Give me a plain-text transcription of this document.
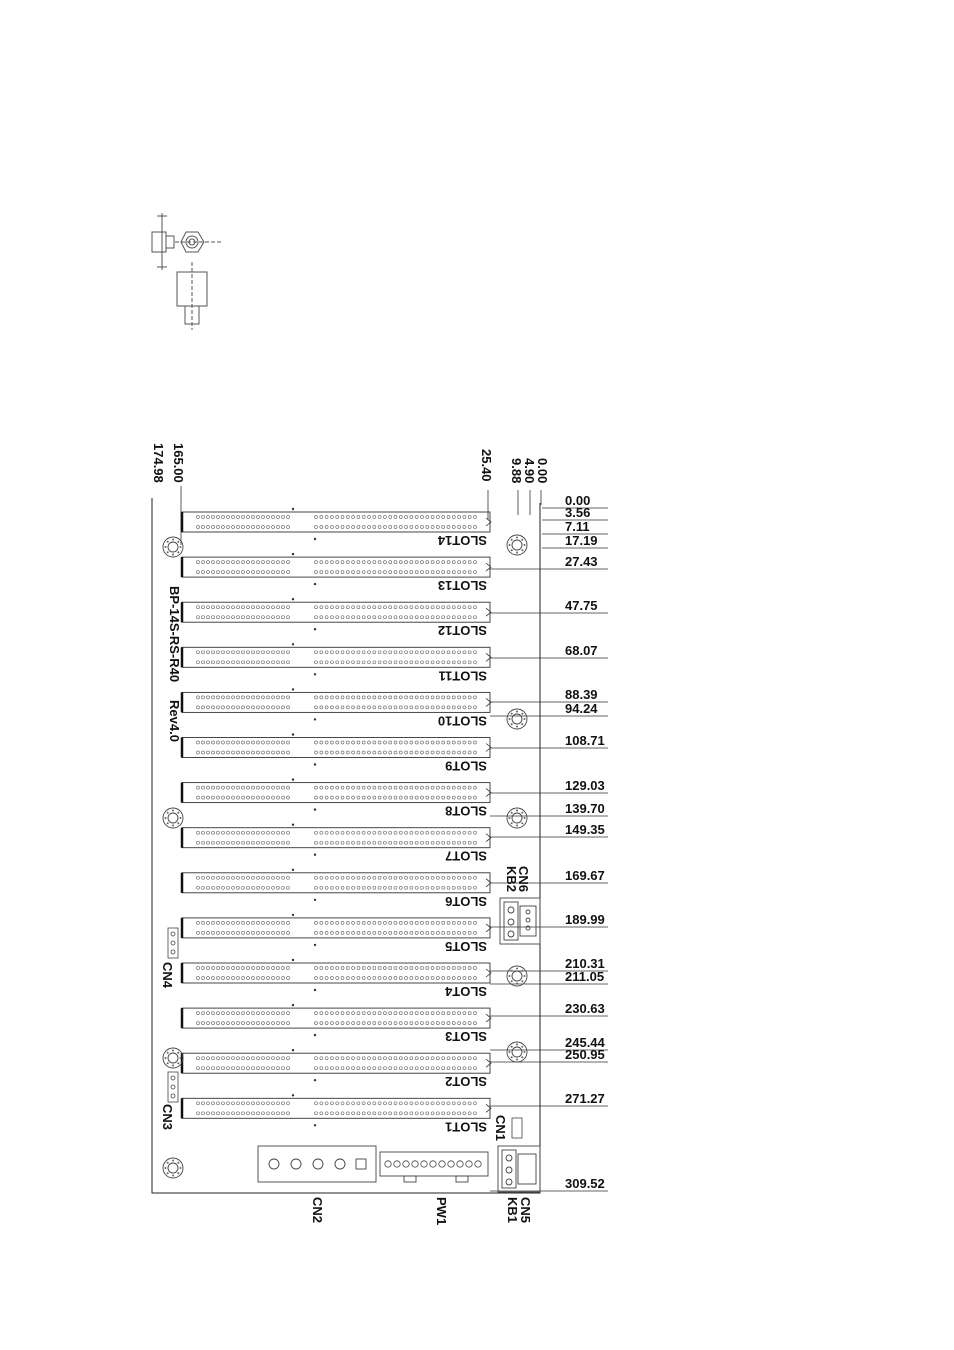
174.98 165.00	25.40 9.88
4.90
0.00
BP-14S-RS-R40
Rev4.0
SLOT14
SLOT13
SLOT12
SLOT11
SLOT10
SLOT9
SLOT8
SLOT7
SLOT6
SLOT5
SLOT4
SLOT3
SLOT2
SLOT1
0.00
3.56
7.11
17.19
27.43
47.75
68.07
88.39
94.24
108.71
129.03
139.70
149.35
169.67
189.99
210.31
211.05
230.63
245.44
250.95
271.27
309.52
CN6
KB2
CN5
KB1
CN1
CN4
CN3
CN2	PW1
